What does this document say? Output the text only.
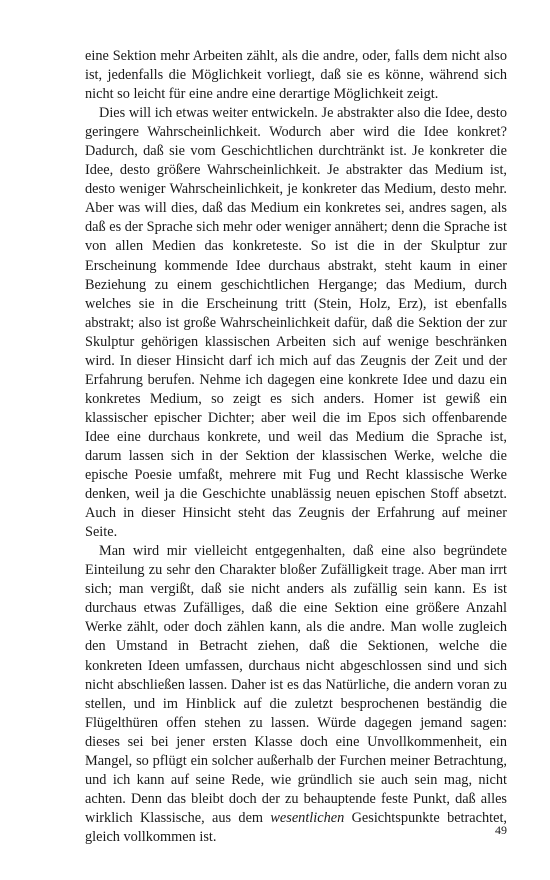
eine Sektion mehr Arbeiten zählt, als die andre, oder, falls dem nicht also ist, jedenfalls die Möglichkeit vorliegt, daß sie es könne, während sich nicht so leicht für eine andre eine derartige Möglichkeit zeigt.

Dies will ich etwas weiter entwickeln. Je abstrakter also die Idee, desto geringere Wahrscheinlichkeit. Wodurch aber wird die Idee konkret? Dadurch, daß sie vom Geschichtlichen durchtränkt ist. Je konkreter die Idee, desto größere Wahrscheinlichkeit. Je abstrakter das Medium ist, desto weniger Wahrscheinlichkeit, je konkreter das Medium, desto mehr. Aber was will dies, daß das Medium ein konkretes sei, andres sagen, als daß es der Sprache sich mehr oder weniger annähert; denn die Sprache ist von allen Medien das konkreteste. So ist die in der Skulptur zur Erscheinung kommende Idee durchaus abstrakt, steht kaum in einer Beziehung zu einem geschichtlichen Hergange; das Medium, durch welches sie in die Erscheinung tritt (Stein, Holz, Erz), ist ebenfalls abstrakt; also ist große Wahrscheinlichkeit dafür, daß die Sektion der zur Skulptur gehörigen klassischen Arbeiten sich auf wenige beschränken wird. In dieser Hinsicht darf ich mich auf das Zeugnis der Zeit und der Erfahrung berufen. Nehme ich dagegen eine konkrete Idee und dazu ein konkretes Medium, so zeigt es sich anders. Homer ist gewiß ein klassischer epischer Dichter; aber weil die im Epos sich offenbarende Idee eine durchaus konkrete, und weil das Medium die Sprache ist, darum lassen sich in der Sektion der klassischen Werke, welche die epische Poesie umfaßt, mehrere mit Fug und Recht klassische Werke denken, weil ja die Geschichte unablässig neuen epischen Stoff absetzt. Auch in dieser Hinsicht steht das Zeugnis der Erfahrung auf meiner Seite.

Man wird mir vielleicht entgegenhalten, daß eine also begründete Einteilung zu sehr den Charakter bloßer Zufälligkeit trage. Aber man irrt sich; man vergißt, daß sie nicht anders als zufällig sein kann. Es ist durchaus etwas Zufälliges, daß die eine Sektion eine größere Anzahl Werke zählt, oder doch zählen kann, als die andre. Man wolle zugleich den Umstand in Betracht ziehen, daß die Sektionen, welche die konkreten Ideen umfassen, durchaus nicht abgeschlossen sind und sich nicht abschließen lassen. Daher ist es das Natürliche, die andern voran zu stellen, und im Hinblick auf die zuletzt besprochenen beständig die Flügelthüren offen stehen zu lassen. Würde dagegen jemand sagen: dieses sei bei jener ersten Klasse doch eine Unvollkommenheit, ein Mangel, so pflügt ein solcher außerhalb der Furchen meiner Betrachtung, und ich kann auf seine Rede, wie gründlich sie auch sein mag, nicht achten. Denn das bleibt doch der zu behauptende feste Punkt, daß alles wirklich Klassische, aus dem wesentlichen Gesichtspunkte betrachtet, gleich vollkommen ist.	49
